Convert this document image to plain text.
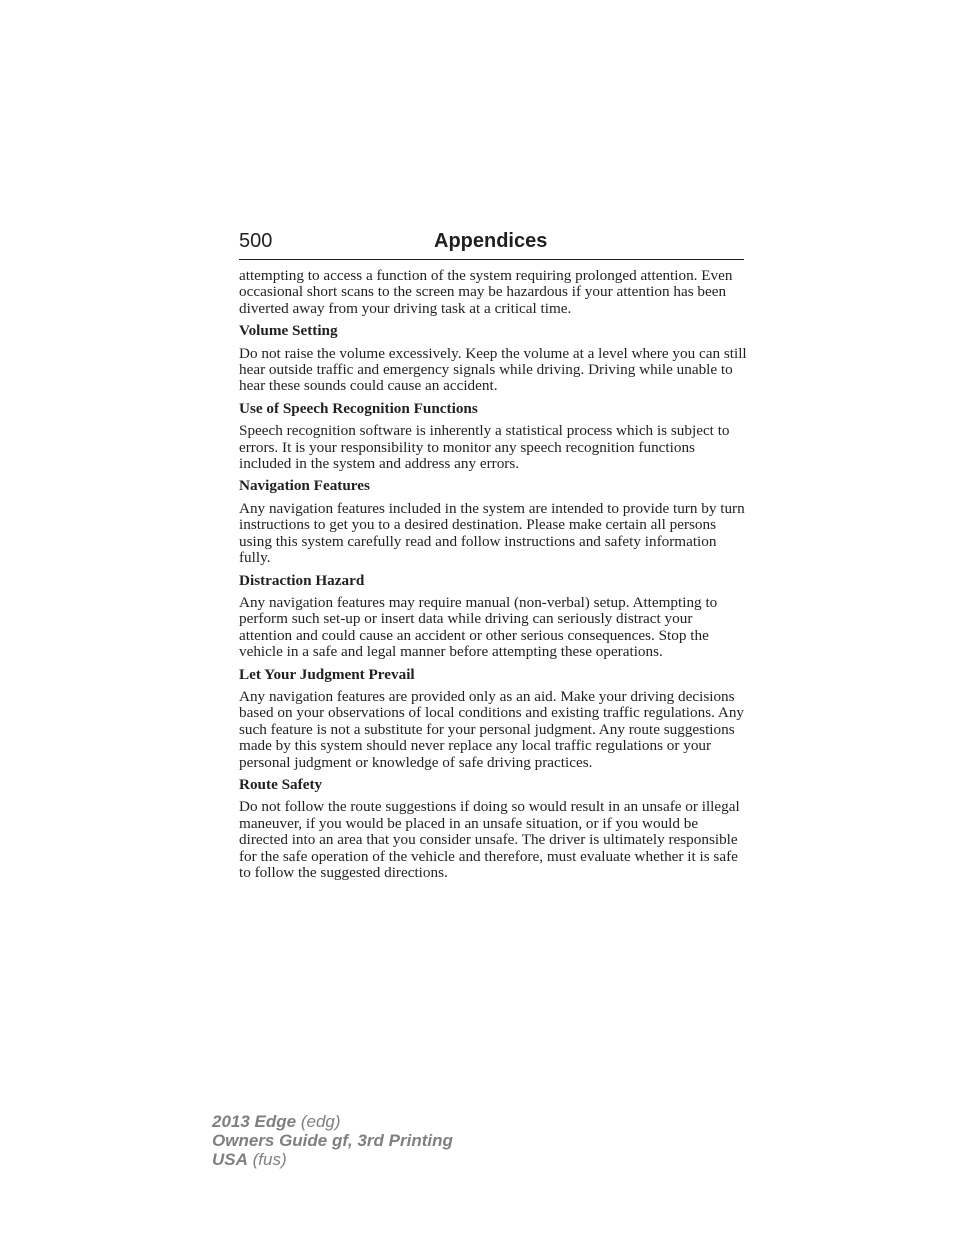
500	Appendices

attempting to access a function of the system requiring prolonged attention. Even occasional short scans to the screen may be hazardous if your attention has been diverted away from your driving task at a critical time.

Volume Setting

Do not raise the volume excessively. Keep the volume at a level where you can still hear outside traffic and emergency signals while driving. Driving while unable to hear these sounds could cause an accident.

Use of Speech Recognition Functions

Speech recognition software is inherently a statistical process which is subject to errors. It is your responsibility to monitor any speech recognition functions included in the system and address any errors.

Navigation Features

Any navigation features included in the system are intended to provide turn by turn instructions to get you to a desired destination. Please make certain all persons using this system carefully read and follow instructions and safety information fully.

Distraction Hazard

Any navigation features may require manual (non-verbal) setup. Attempting to perform such set-up or insert data while driving can seriously distract your attention and could cause an accident or other serious consequences. Stop the vehicle in a safe and legal manner before attempting these operations.

Let Your Judgment Prevail

Any navigation features are provided only as an aid. Make your driving decisions based on your observations of local conditions and existing traffic regulations. Any such feature is not a substitute for your personal judgment. Any route suggestions made by this system should never replace any local traffic regulations or your personal judgment or knowledge of safe driving practices.

Route Safety

Do not follow the route suggestions if doing so would result in an unsafe or illegal maneuver, if you would be placed in an unsafe situation, or if you would be directed into an area that you consider unsafe. The driver is ultimately responsible for the safe operation of the vehicle and therefore, must evaluate whether it is safe to follow the suggested directions.

2013 Edge (edg)
Owners Guide gf, 3rd Printing
USA (fus)
